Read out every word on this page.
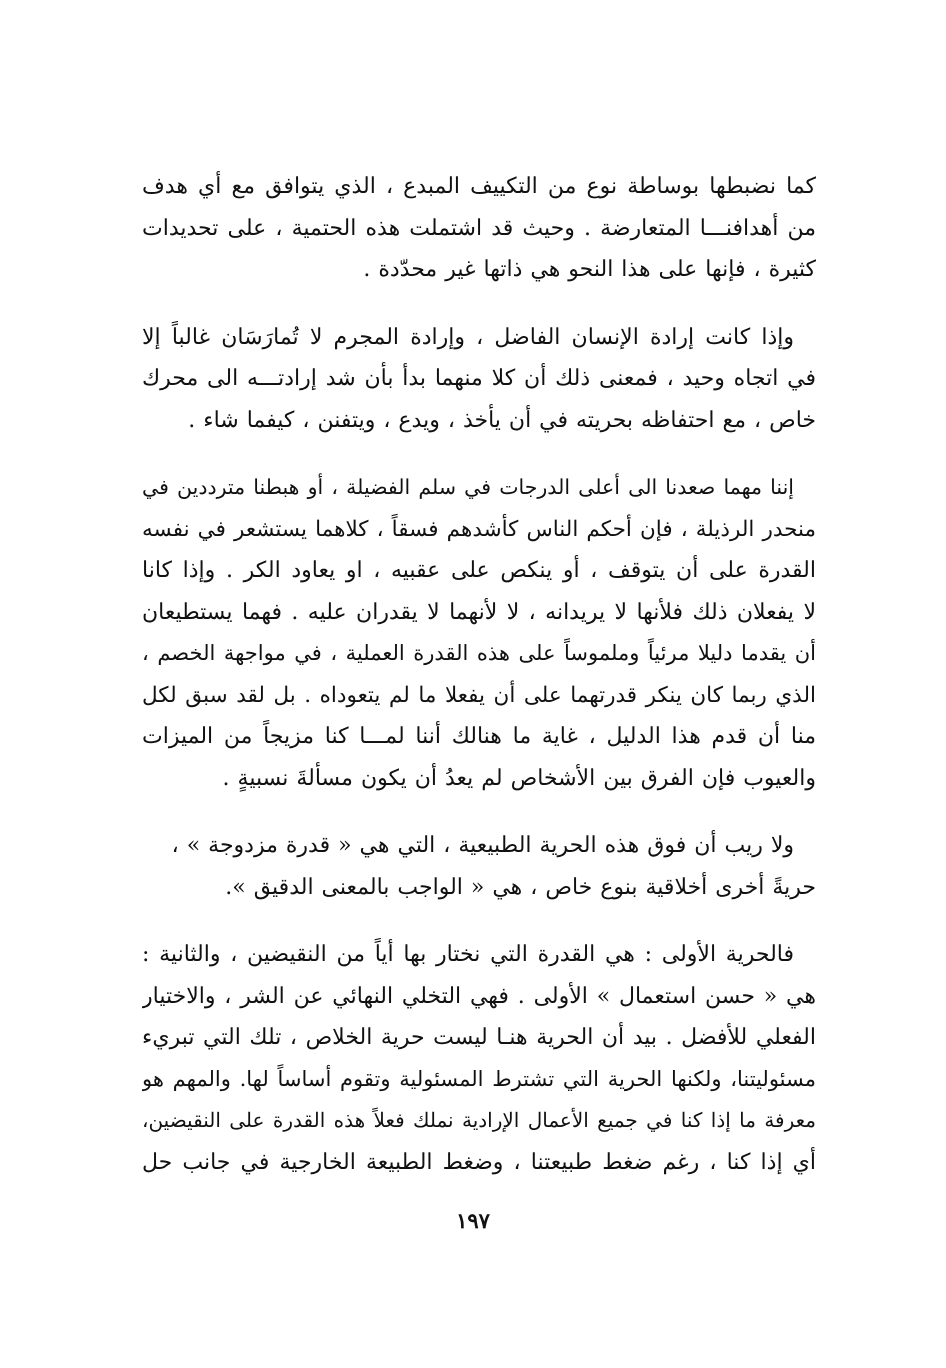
كما نضبطها بوساطة نوع من التكييف المبدع ، الذي يتوافق مع أي هدف
من أهدافنـــا المتعارضة . وحيث قد اشتملت هذه الحتمية ، على تحديدات
كثيرة ، فإنها على هذا النحو هي ذاتها غير محدّدة .

وإذا كانت إرادة الإنسان الفاضل ، وإرادة المجرم لا تُمارَسَان غالباً إلا
في اتجاه وحيد ، فمعنى ذلك أن كلا منهما بدأ بأن شد إرادتـــه الى محرك
خاص ، مع احتفاظه بحريته في أن يأخذ ، ويدع ، ويتفنن ، كيفما شاء .

إننا مهما صعدنا الى أعلى الدرجات في سلم الفضيلة ، أو هبطنا مترددين في
منحدر الرذيلة ، فإن أحكم الناس كأشدهم فسقاً ، كلاهما يستشعر في نفسه
القدرة على أن يتوقف ، أو ينكص على عقبيه ، او يعاود الكر . وإذا كانا
لا يفعلان ذلك فلأنها لا يريدانه ، لا لأنهما لا يقدران عليه . فهما يستطيعان
أن يقدما دليلا مرئياً وملموساً على هذه القدرة العملية ، في مواجهة الخصم ،
الذي ربما كان ينكر قدرتهما على أن يفعلا ما لم يتعوداه . بل لقد سبق لكل
منا أن قدم هذا الدليل ، غاية ما هنالك أننا لمـــا كنا مزيجاً من الميزات
والعيوب فإن الفرق بين الأشخاص لم يعدُ أن يكون مسألةَ نسبيةٍ .

ولا ريب أن فوق هذه الحرية الطبيعية ، التي هي « قدرة مزدوجة » ،
حريةً أخرى أخلاقية بنوع خاص ، هي « الواجب بالمعنى الدقيق ».

فالحرية الأولى : هي القدرة التي نختار بها أياً من النقيضين ، والثانية :
هي « حسن استعمال » الأولى . فهي التخلي النهائي عن الشر ، والاختيار
الفعلي للأفضل . بيد أن الحرية هنـا ليست حرية الخلاص ، تلك التي تبريء
مسئوليتنا، ولكنها الحرية التي تشترط المسئولية وتقوم أساساً لها. والمهم هو
معرفة ما إذا كنا في جميع الأعمال الإرادية نملك فعلاً هذه القدرة على النقيضين،
أي إذا كنا ، رغم ضغط طبيعتنا ، وضغط الطبيعة الخارجية في جانب حل

١٩٧
